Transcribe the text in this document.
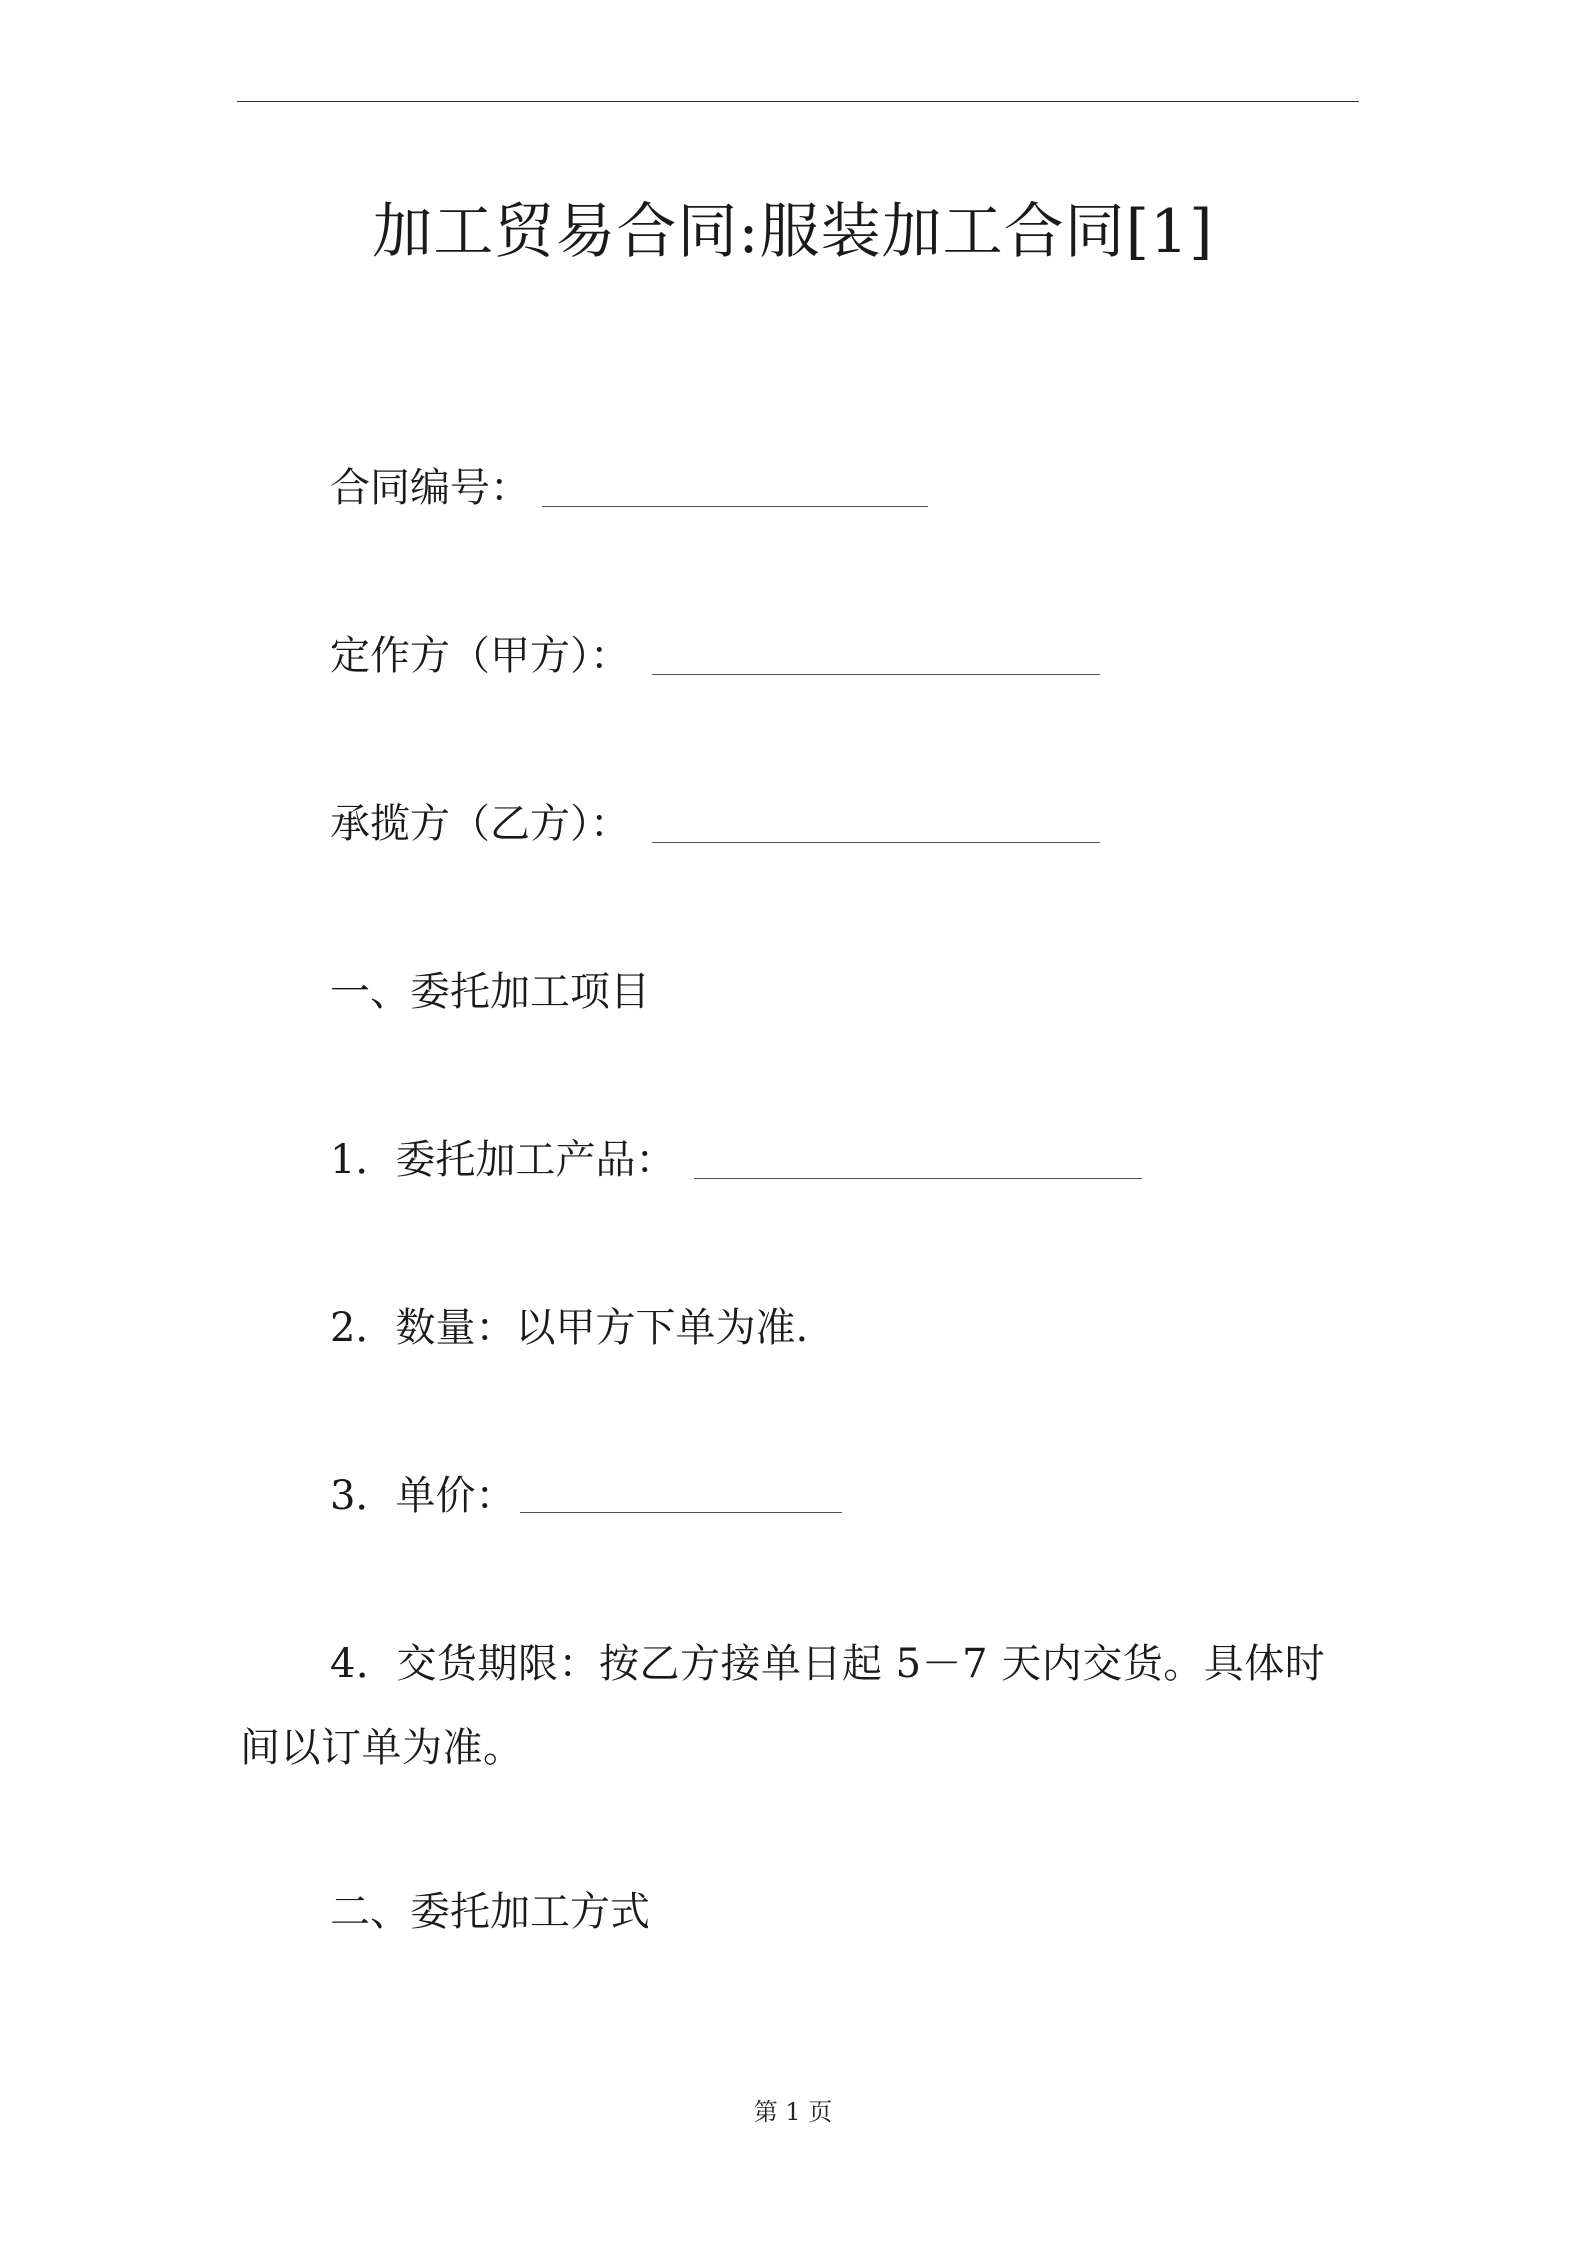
加工贸易合同:服装加工合同[1]
合同编号：
定作方（甲方）：
承揽方（乙方）：
一、委托加工项目
1．委托加工产品：
2．数量：以甲方下单为准.
3．单价：
4．交货期限：按乙方接单日起 5－7 天内交货。具体时间以订单为准。
二、委托加工方式
第 1 页
